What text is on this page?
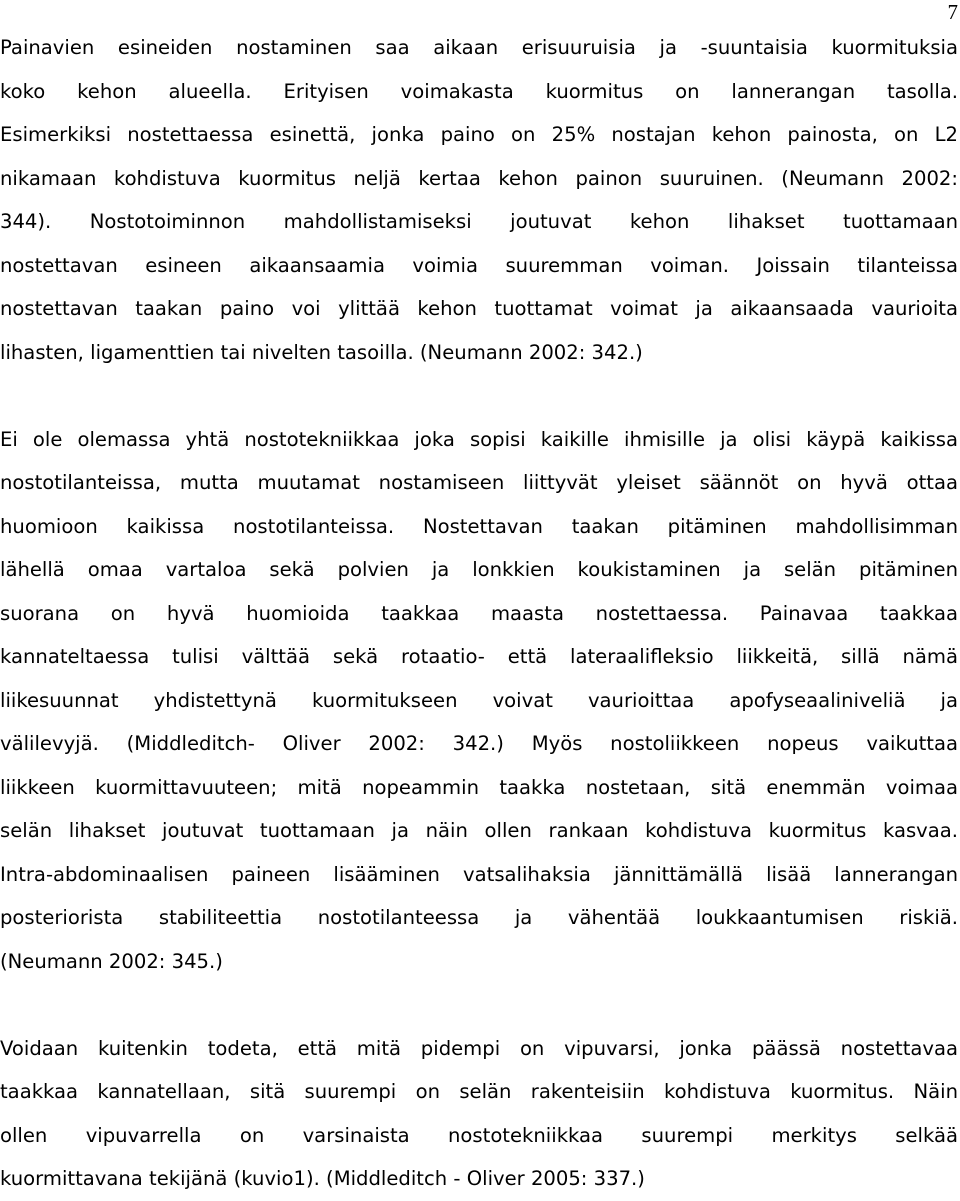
7
Painavien esineiden nostaminen saa aikaan erisuuruisia ja -suuntaisia kuormituksia
koko kehon alueella. Erityisen voimakasta kuormitus on lannerangan tasolla.
Esimerkiksi nostettaessa esinettä, jonka paino on 25% nostajan kehon painosta, on L2
nikamaan kohdistuva kuormitus neljä kertaa kehon painon suuruinen. (Neumann 2002:
344). Nostotoiminnon mahdollistamiseksi joutuvat kehon lihakset tuottamaan
nostettavan esineen aikaansaamia voimia suuremman voiman. Joissain tilanteissa
nostettavan taakan paino voi ylittää kehon tuottamat voimat ja aikaansaada vaurioita
lihasten, ligamenttien tai nivelten tasoilla. (Neumann 2002: 342.)
Ei ole olemassa yhtä nostotekniikkaa joka sopisi kaikille ihmisille ja olisi käypä kaikissa
nostotilanteissa, mutta muutamat nostamiseen liittyvät yleiset säännöt on hyvä ottaa
huomioon kaikissa nostotilanteissa. Nostettavan taakan pitäminen mahdollisimman
lähellä omaa vartaloa sekä polvien ja lonkkien koukistaminen ja selän pitäminen
suorana on hyvä huomioida taakkaa maasta nostettaessa. Painavaa taakkaa
kannateltaessa tulisi välttää sekä rotaatio- että lateraalifleksio liikkeitä, sillä nämä
liikesuunnat yhdistettynä kuormitukseen voivat vaurioittaa apofyseaaliniveliä ja
välilevyjä. (Middleditch- Oliver 2002: 342.) Myös nostoliikkeen nopeus vaikuttaa
liikkeen kuormittavuuteen; mitä nopeammin taakka nostetaan, sitä enemmän voimaa
selän lihakset joutuvat tuottamaan ja näin ollen rankaan kohdistuva kuormitus kasvaa.
Intra-abdominaalisen paineen lisääminen vatsalihaksia jännittämällä lisää lannerangan
posteriorista stabiliteettia nostotilanteessa ja vähentää loukkaantumisen riskiä.
(Neumann 2002: 345.)
Voidaan kuitenkin todeta, että mitä pidempi on vipuvarsi, jonka päässä nostettavaa
taakkaa kannatellaan, sitä suurempi on selän rakenteisiin kohdistuva kuormitus. Näin
ollen vipuvarrella on varsinaista nostotekniikkaa suurempi merkitys selkää
kuormittavana tekijänä (kuvio1). (Middleditch - Oliver 2005: 337.)
